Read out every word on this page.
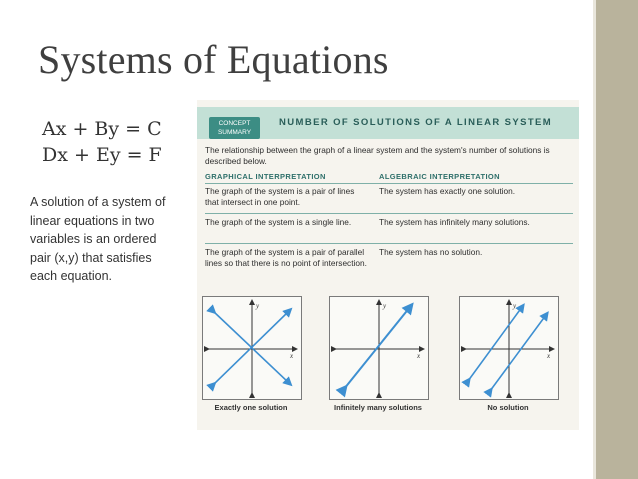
Systems of Equations
Ax + By = C
Dx + Ey = F
A solution of a system of linear equations in two variables is an ordered pair (x,y) that satisfies each equation.
CONCEPT
SUMMARY
NUMBER OF SOLUTIONS OF A LINEAR SYSTEM
The relationship between the graph of a linear system and the system's number of solutions is described below.
GRAPHICAL INTERPRETATION	ALGEBRAIC INTERPRETATION
The graph of the system is a pair of lines that intersect in one point.
The system has exactly one solution.
The graph of the system is a single line.	The system has infinitely many solutions.
The graph of the system is a pair of parallel lines so that there is no point of intersection.
The system has no solution.
y
x
Exactly one solution
y
x
Infinitely many solutions
y
x
No solution
